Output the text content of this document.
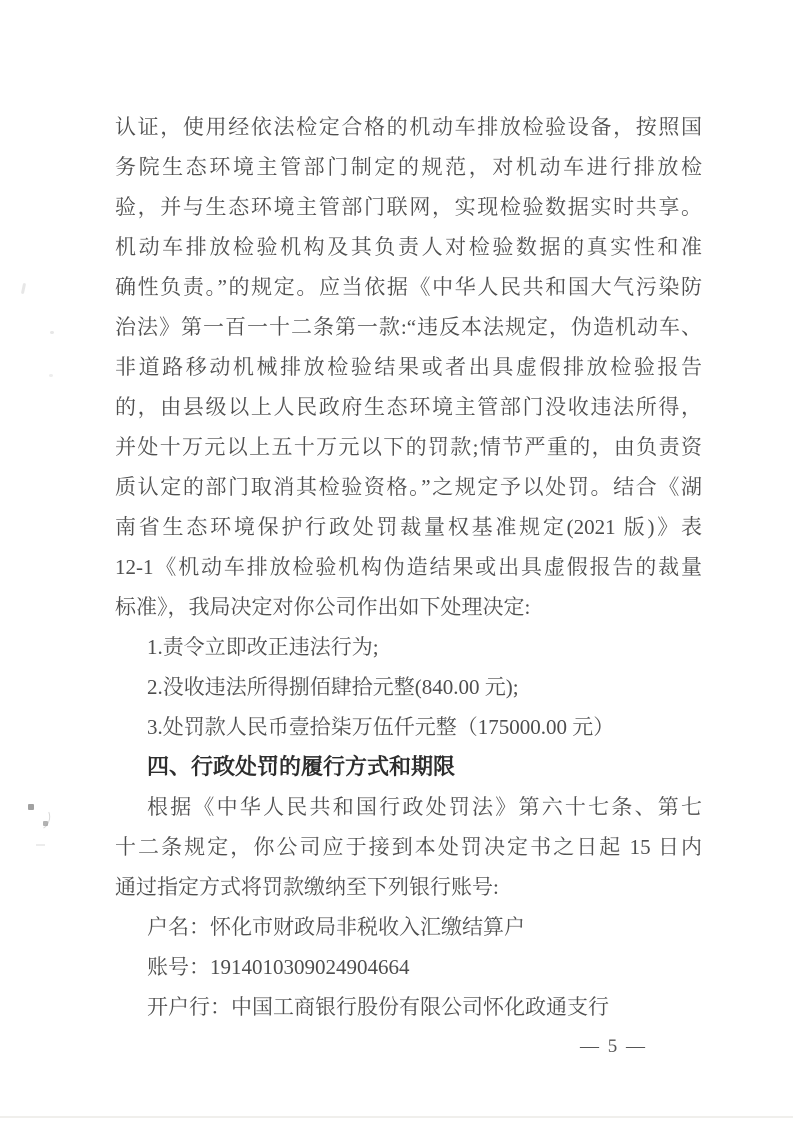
认证，使用经依法检定合格的机动车排放检验设备，按照国
务院生态环境主管部门制定的规范，对机动车进行排放检
验，并与生态环境主管部门联网，实现检验数据实时共享。
机动车排放检验机构及其负责人对检验数据的真实性和准
确性负责。”的规定。应当依据《中华人民共和国大气污染防
治法》第一百一十二条第一款:“违反本法规定，伪造机动车、
非道路移动机械排放检验结果或者出具虚假排放检验报告
的，由县级以上人民政府生态环境主管部门没收违法所得，
并处十万元以上五十万元以下的罚款;情节严重的，由负责资
质认定的部门取消其检验资格。”之规定予以处罚。结合《湖
南省生态环境保护行政处罚裁量权基准规定(2021 版)》表
12-1《机动车排放检验机构伪造结果或出具虚假报告的裁量
标准》，我局决定对你公司作出如下处理决定:
1.责令立即改正违法行为;
2.没收违法所得捌佰肆拾元整(840.00 元);
3.处罚款人民币壹拾柒万伍仟元整（175000.00 元）
四、行政处罚的履行方式和期限
根据《中华人民共和国行政处罚法》第六十七条、第七
十二条规定，你公司应于接到本处罚决定书之日起 15 日内
通过指定方式将罚款缴纳至下列银行账号:
户名：怀化市财政局非税收入汇缴结算户
账号：1914010309024904664
开户行：中国工商银行股份有限公司怀化政通支行
— 5 —
